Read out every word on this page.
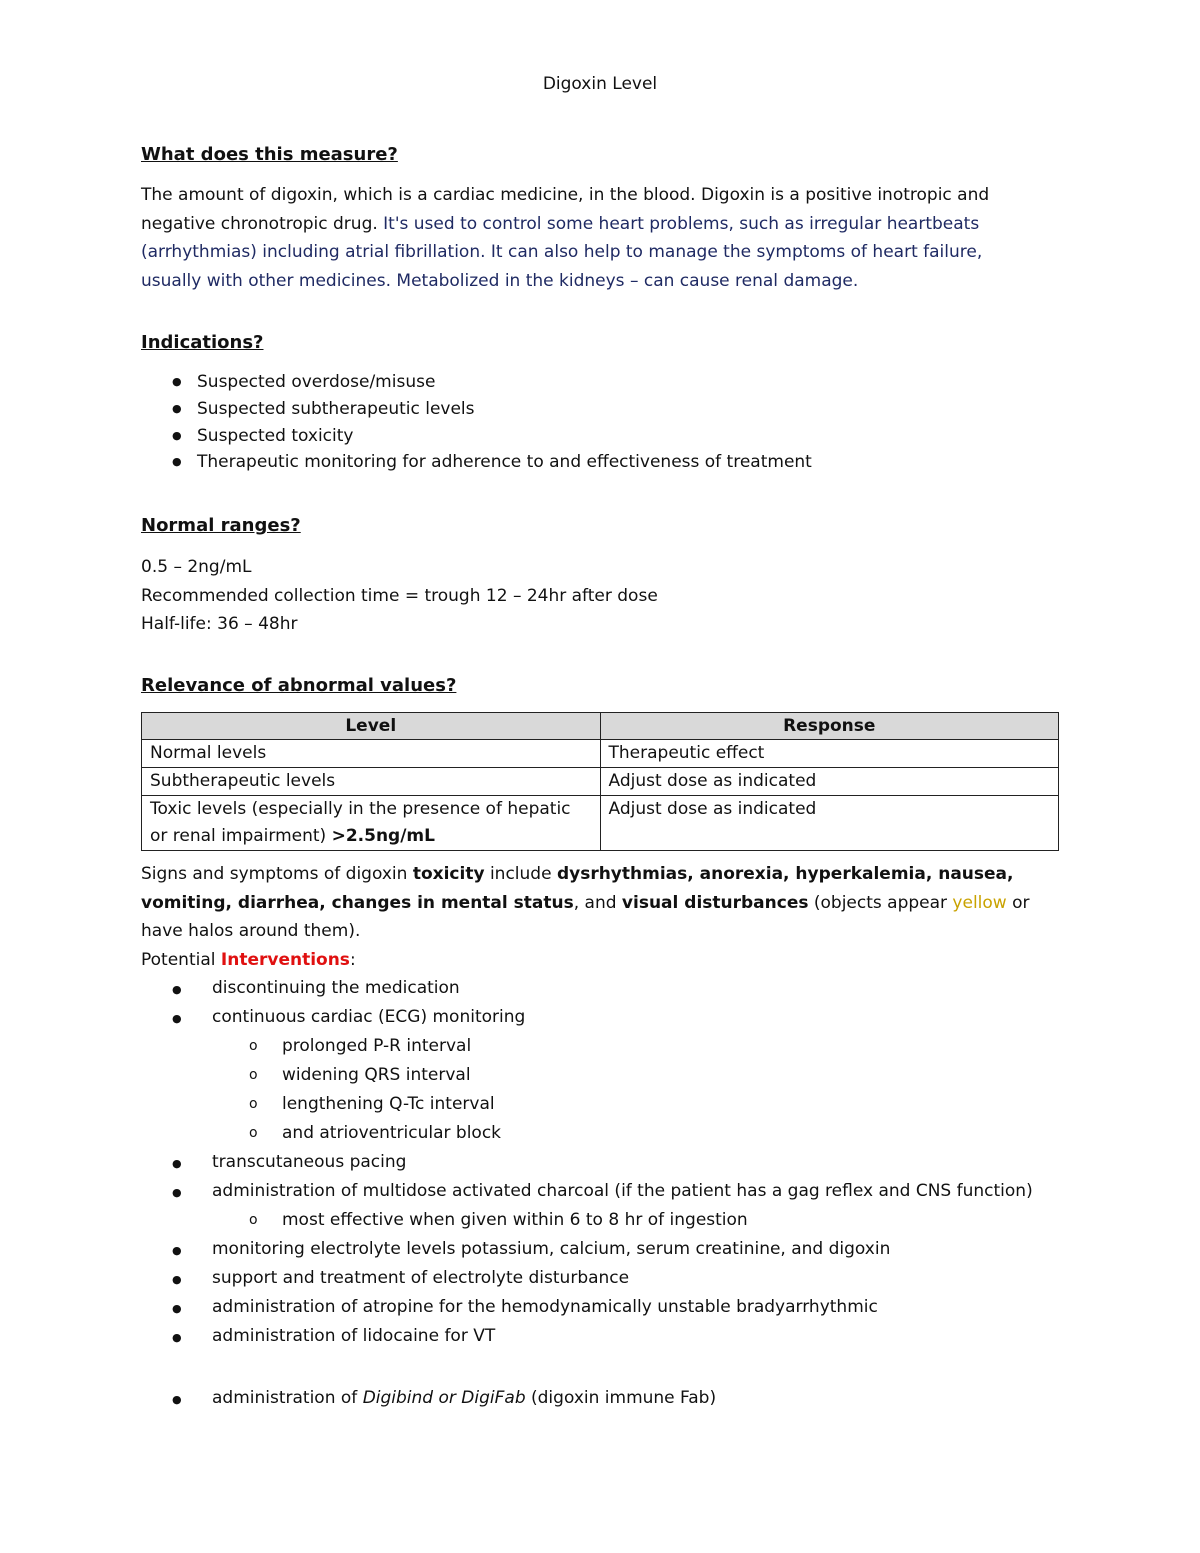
Digoxin Level
What does this measure?
The amount of digoxin, which is a cardiac medicine, in the blood. Digoxin is a positive inotropic and negative chronotropic drug. It's used to control some heart problems, such as irregular heartbeats (arrhythmias) including atrial fibrillation. It can also help to manage the symptoms of heart failure, usually with other medicines. Metabolized in the kidneys – can cause renal damage.
Indications?
● Suspected overdose/misuse
● Suspected subtherapeutic levels
● Suspected toxicity
● Therapeutic monitoring for adherence to and effectiveness of treatment
Normal ranges?
0.5 – 2ng/mL
Recommended collection time = trough 12 – 24hr after dose
Half-life: 36 – 48hr
Relevance of abnormal values?
Level	Response
Normal levels	Therapeutic effect
Subtherapeutic levels	Adjust dose as indicated
Toxic levels (especially in the presence of hepatic or renal impairment) >2.5ng/mL	Adjust dose as indicated
Signs and symptoms of digoxin toxicity include dysrhythmias, anorexia, hyperkalemia, nausea, vomiting, diarrhea, changes in mental status, and visual disturbances (objects appear yellow or have halos around them).
Potential Interventions:
● discontinuing the medication
● continuous cardiac (ECG) monitoring
o prolonged P-R interval
o widening QRS interval
o lengthening Q-Tc interval
o and atrioventricular block
● transcutaneous pacing
● administration of multidose activated charcoal (if the patient has a gag reflex and CNS function)
o most effective when given within 6 to 8 hr of ingestion
● monitoring electrolyte levels potassium, calcium, serum creatinine, and digoxin
● support and treatment of electrolyte disturbance
● administration of atropine for the hemodynamically unstable bradyarrhythmic
● administration of lidocaine for VT
● administration of Digibind or DigiFab (digoxin immune Fab)
